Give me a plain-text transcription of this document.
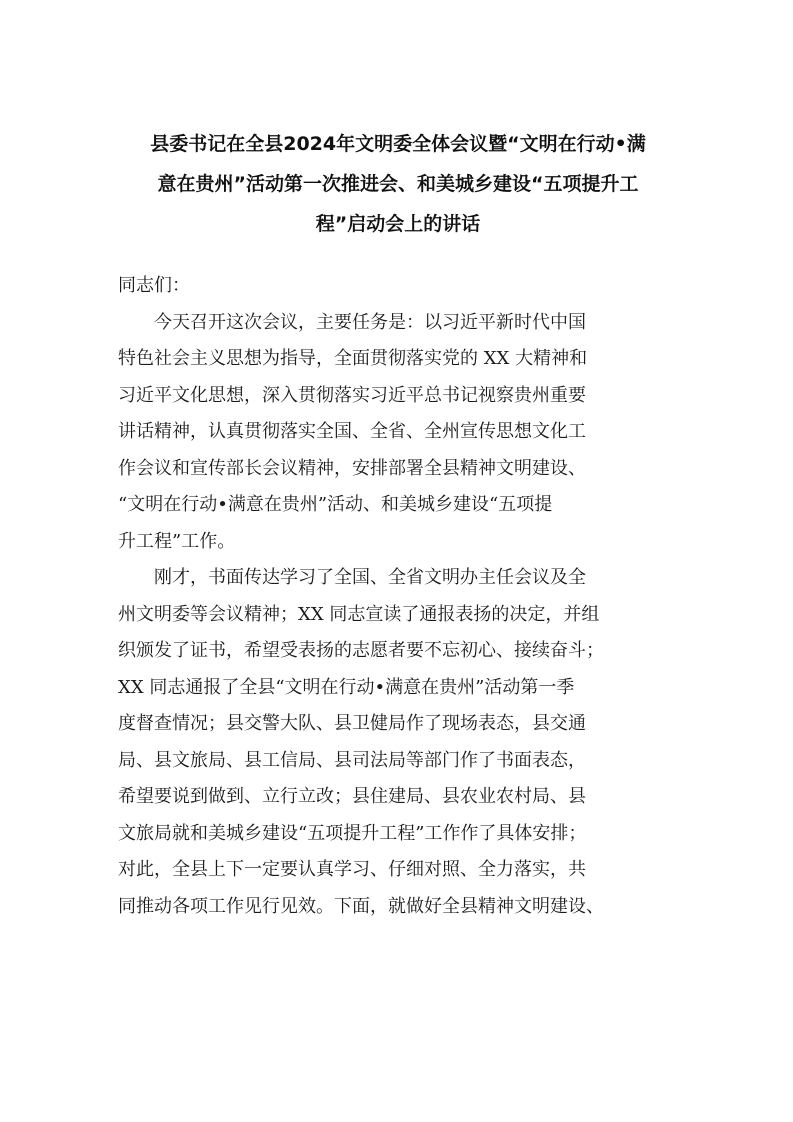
县委书记在全县2024年文明委全体会议暨“文明在行动•满
意在贵州”活动第一次推进会、和美城乡建设“五项提升工
程”启动会上的讲话
同志们：
　　今天召开这次会议，主要任务是：以习近平新时代中国
特色社会主义思想为指导，全面贯彻落实党的 XX 大精神和
习近平文化思想，深入贯彻落实习近平总书记视察贵州重要
讲话精神，认真贯彻落实全国、全省、全州宣传思想文化工
作会议和宣传部长会议精神，安排部署全县精神文明建设、
“文明在行动•满意在贵州”活动、和美城乡建设“五项提
升工程”工作。
　　刚才，书面传达学习了全国、全省文明办主任会议及全
州文明委等会议精神；XX 同志宣读了通报表扬的决定，并组
织颁发了证书，希望受表扬的志愿者要不忘初心、接续奋斗；
XX 同志通报了全县“文明在行动•满意在贵州”活动第一季
度督查情况；县交警大队、县卫健局作了现场表态，县交通
局、县文旅局、县工信局、县司法局等部门作了书面表态，
希望要说到做到、立行立改；县住建局、县农业农村局、县
文旅局就和美城乡建设“五项提升工程”工作作了具体安排；
对此，全县上下一定要认真学习、仔细对照、全力落实，共
同推动各项工作见行见效。下面，就做好全县精神文明建设、
